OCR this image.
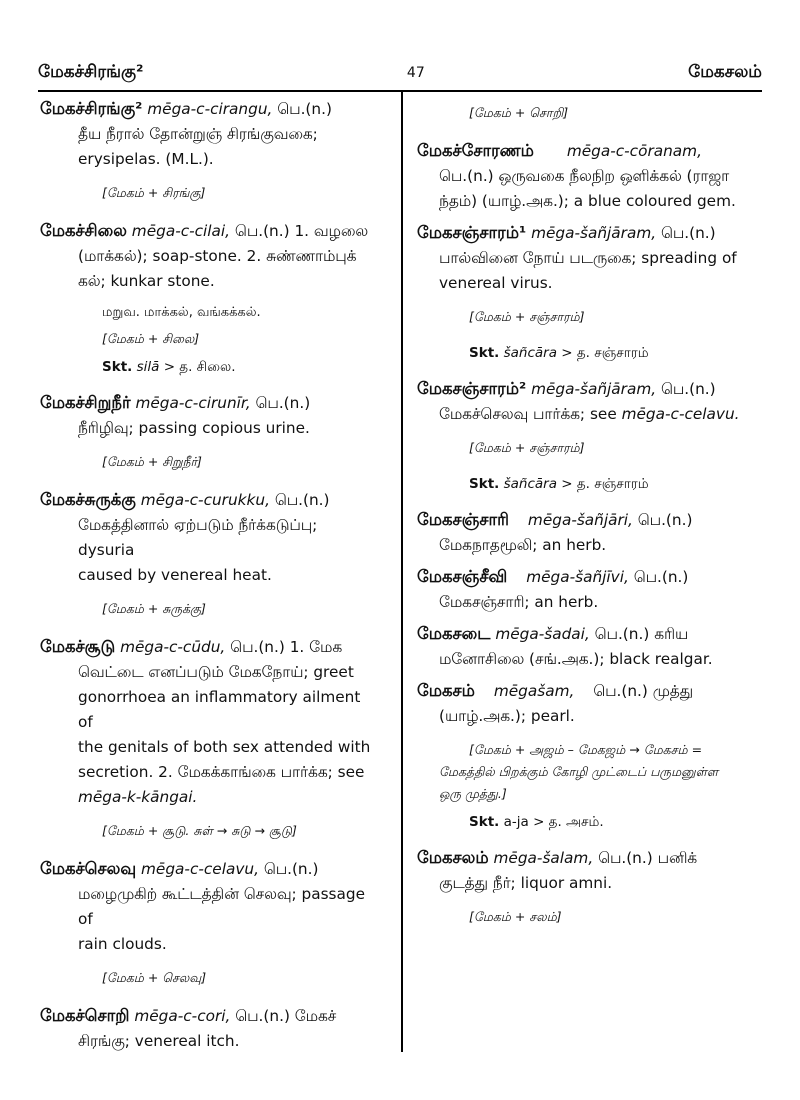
மேகச்சிரங்கு²	47	மேகசலம்

மேகச்சிரங்கு² mēga-c-cirangu, பெ.(n.)

தீய நீரால் தோன்றுஞ் சிரங்குவகை;

erysipelas. (M.L.).

[மேகம் + சிரங்கு]

மேகச்சிலை mēga-c-cilai, பெ.(n.) 1. வழலை

(மாக்கல்); soap-stone. 2. சுண்ணாம்புக்

கல்; kunkar stone.

மறுவ. மாக்கல், வங்கக்கல்.

[மேகம் + சிலை]

Skt. silā > த. சிலை.

மேகச்சிறுநீர் mēga-c-cirunīr, பெ.(n.)

நீரிழிவு; passing copious urine.

[மேகம் + சிறுநீர்]

மேகச்சுருக்கு mēga-c-curukku, பெ.(n.)

மேகத்தினால் ஏற்படும் நீர்க்கடுப்பு; dysuria

caused by venereal heat.

[மேகம் + சுருக்கு]

மேகச்சூடு mēga-c-cūdu, பெ.(n.) 1. மேக

வெட்டை எனப்படும் மேகநோய்; greet

gonorrhoea an inflammatory ailment of

the genitals of both sex attended with

secretion. 2. மேகக்காங்கை பார்க்க; see

mēga-k-kāngai.

[மேகம் + சூடு. சுள் → சுடு → சூடு]

மேகச்செலவு mēga-c-celavu, பெ.(n.)

மழைமுகிற் கூட்டத்தின் செலவு; passage of

rain clouds.

[மேகம் + செலவு]

மேகச்சொறி mēga-c-cori, பெ.(n.) மேகச்

சிரங்கு; venereal itch.

[மேகம் + சொறி]

மேகச்சோரணம் mēga-c-cōranam,

பெ.(n.) ஒருவகை நீலநிற ஒளிக்கல் (ராஜா

ந்தம்) (யாழ்.அக.); a blue coloured gem.

மேகசஞ்சாரம்¹ mēga-šañjāram, பெ.(n.)

பால்வினை நோய் படருகை; spreading of

venereal virus.

[மேகம் + சஞ்சாரம்]

Skt. šañcāra > த. சஞ்சாரம்

மேகசஞ்சாரம்² mēga-šañjāram, பெ.(n.)

மேகச்செலவு பார்க்க; see mēga-c-celavu.

[மேகம் + சஞ்சாரம்]

Skt. šañcāra > த. சஞ்சாரம்

மேகசஞ்சாரி mēga-šañjāri, பெ.(n.)

மேகநாதமூலி; an herb.

மேகசஞ்சீவி mēga-šañjīvi, பெ.(n.)

மேகசஞ்சாரி; an herb.

மேகசடை mēga-šadai, பெ.(n.) கரிய

மனோசிலை (சங்.அக.); black realgar.

மேகசம் mēgašam, பெ.(n.) முத்து

(யாழ்.அக.); pearl.

[மேகம் + அஜம் – மேகஜம் → மேகசம் =
மேகத்தில் பிறக்கும் கோழி முட்டைப் பருமனுள்ள
ஒரு முத்து.]

Skt. a-ja > த. அசம்.

மேகசலம் mēga-šalam, பெ.(n.) பனிக்

குடத்து நீர்; liquor amni.

[மேகம் + சலம்]
